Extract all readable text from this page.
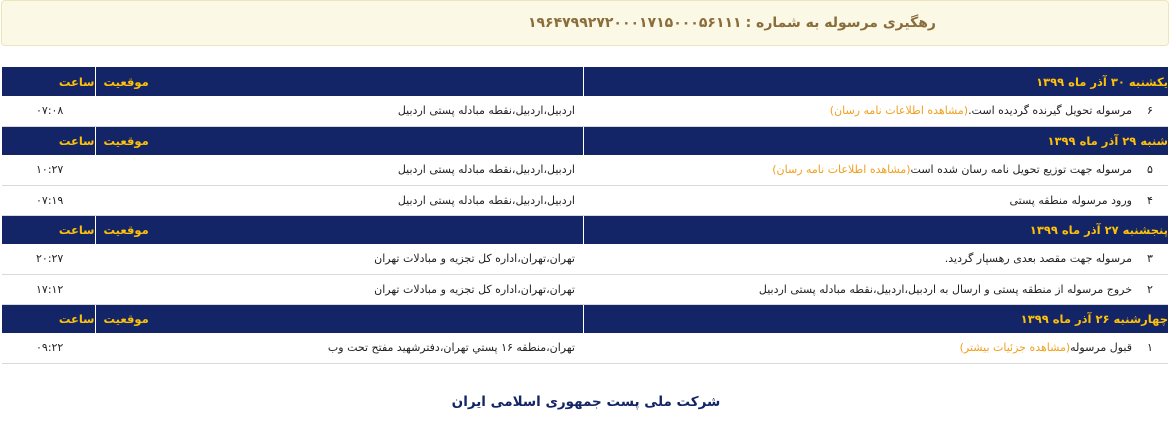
رهگیری مرسوله به شماره :
۱۹۶۴۷۹۹۲۷۲۰۰۰۱۷۱۵۰۰۰۵۶۱۱۱
یکشنبه ۳۰ آذر ماه ۱۳۹۹		موقعیت	ساعت
۶	مرسوله تحویل گیرنده گردیده است.(مشاهده اطلاعات نامه رسان)	اردبیل،اردبیل،نقطه مبادله پستی اردبیل	۰۷:۰۸
شنبه ۲۹ آذر ماه ۱۳۹۹		موقعیت	ساعت
۵	مرسوله جهت توزیع تحویل نامه رسان شده است(مشاهده اطلاعات نامه رسان)	اردبیل،اردبیل،نقطه مبادله پستی اردبیل	۱۰:۲۷
۴	ورود مرسوله منطقه پستی	اردبیل،اردبیل،نقطه مبادله پستی اردبیل	۰۷:۱۹
پنجشنبه ۲۷ آذر ماه ۱۳۹۹		موقعیت	ساعت
۳	مرسوله جهت مقصد بعدی رهسپار گردید.	تهران،تهران،اداره کل تجزیه و مبادلات تهران	۲۰:۲۷
۲	خروج مرسوله از منطقه پستی و ارسال به اردبیل،اردبیل،نقطه مبادله پستی اردبیل	تهران،تهران،اداره کل تجزیه و مبادلات تهران	۱۷:۱۲
چهارشنبه ۲۶ آذر ماه ۱۳۹۹		موقعیت	ساعت
۱	قبول مرسوله(مشاهده جزئیات بیشتر)	تهران،منطقه ۱۶ پستي تهران،دفترشهيد مفتح تحت وب	۰۹:۲۲
شرکت ملی پست جمهوری اسلامی ایران
